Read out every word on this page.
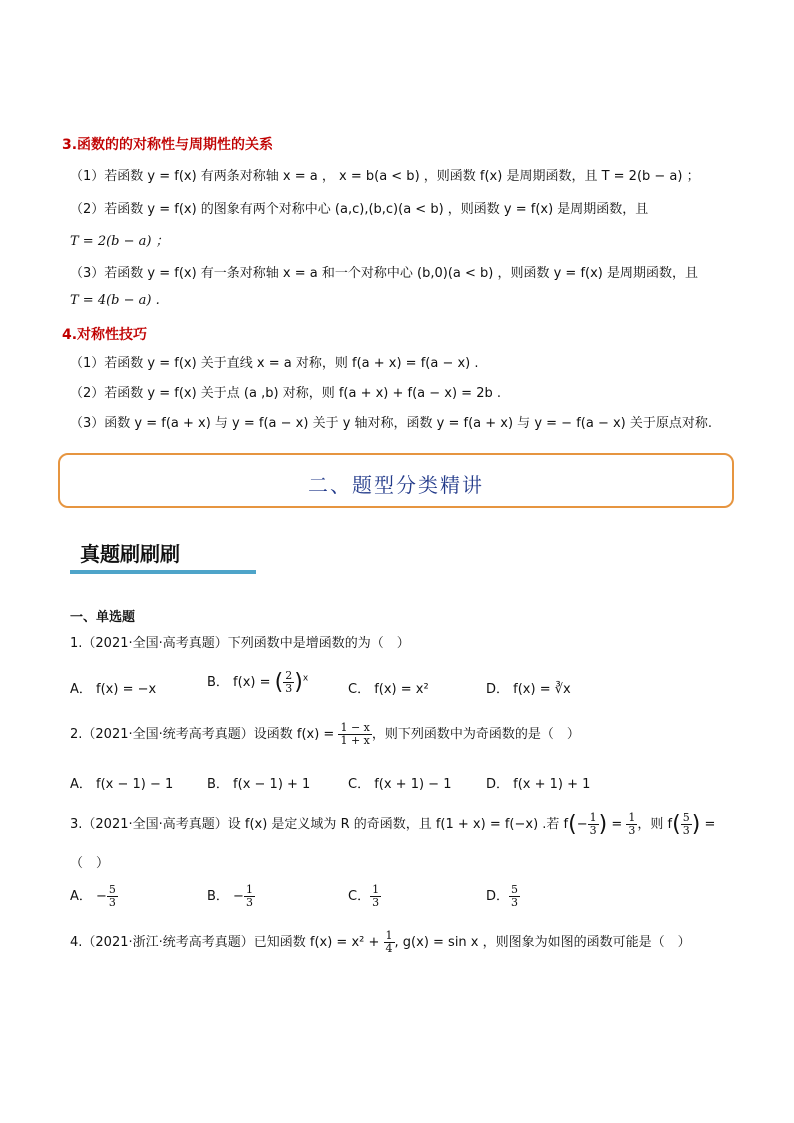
3.函数的的对称性与周期性的关系
（1）若函数 y = f(x) 有两条对称轴 x = a ， x = b(a < b) ，则函数 f(x) 是周期函数，且 T = 2(b − a) ；
（2）若函数 y = f(x) 的图象有两个对称中心 (a,c),(b,c)(a < b) ，则函数 y = f(x) 是周期函数，且
T = 2(b − a) ；
（3）若函数 y = f(x) 有一条对称轴 x = a 和一个对称中心 (b,0)(a < b) ，则函数 y = f(x) 是周期函数，且
T = 4(b − a) .
4.对称性技巧
（1）若函数 y = f(x) 关于直线 x = a 对称，则 f(a + x) = f(a − x) .
（2）若函数 y = f(x) 关于点 (a ,b) 对称，则 f(a + x) + f(a − x) = 2b .
（3）函数 y = f(a + x) 与 y = f(a − x) 关于 y 轴对称，函数 y = f(a + x) 与 y = − f(a − x) 关于原点对称.
二、题型分类精讲
真题刷刷刷
一、单选题
1.（2021·全国·高考真题）下列函数中是增函数的为（　）
A． f(x) = −x	B． f(x) = ( $\frac{2}{3} )^x$
C． f(x) = x²	D． f(x) = ∛x
2.（2021·全国·统考高考真题）设函数 $f(x) = \frac{1 - x}{1 + x}$ ，则下列函数中为奇函数的是（　）
A． f(x − 1) − 1	B． f(x − 1) + 1	C． f(x + 1) − 1	D． f(x + 1) + 1
3.（2021·全国·高考真题）设 f(x) 是定义域为 R 的奇函数，且 f(1 + x) = f(−x) .若 $f(- \frac{1}{3}$ ) = $\frac{1}{3}$ ，则 $f( \frac{5}{3}$ ) =
（　）
A． − $\frac{5}{3}$	B． − $\frac{1}{3}$	C． $\frac{1}{3}$	D． $\frac{5}{3}$
4.（2021·浙江·统考高考真题）已知函数 $f(x) = x^2 + \frac{1}{4}$ , g(x) = sin x ，则图象为如图的函数可能是（　）
